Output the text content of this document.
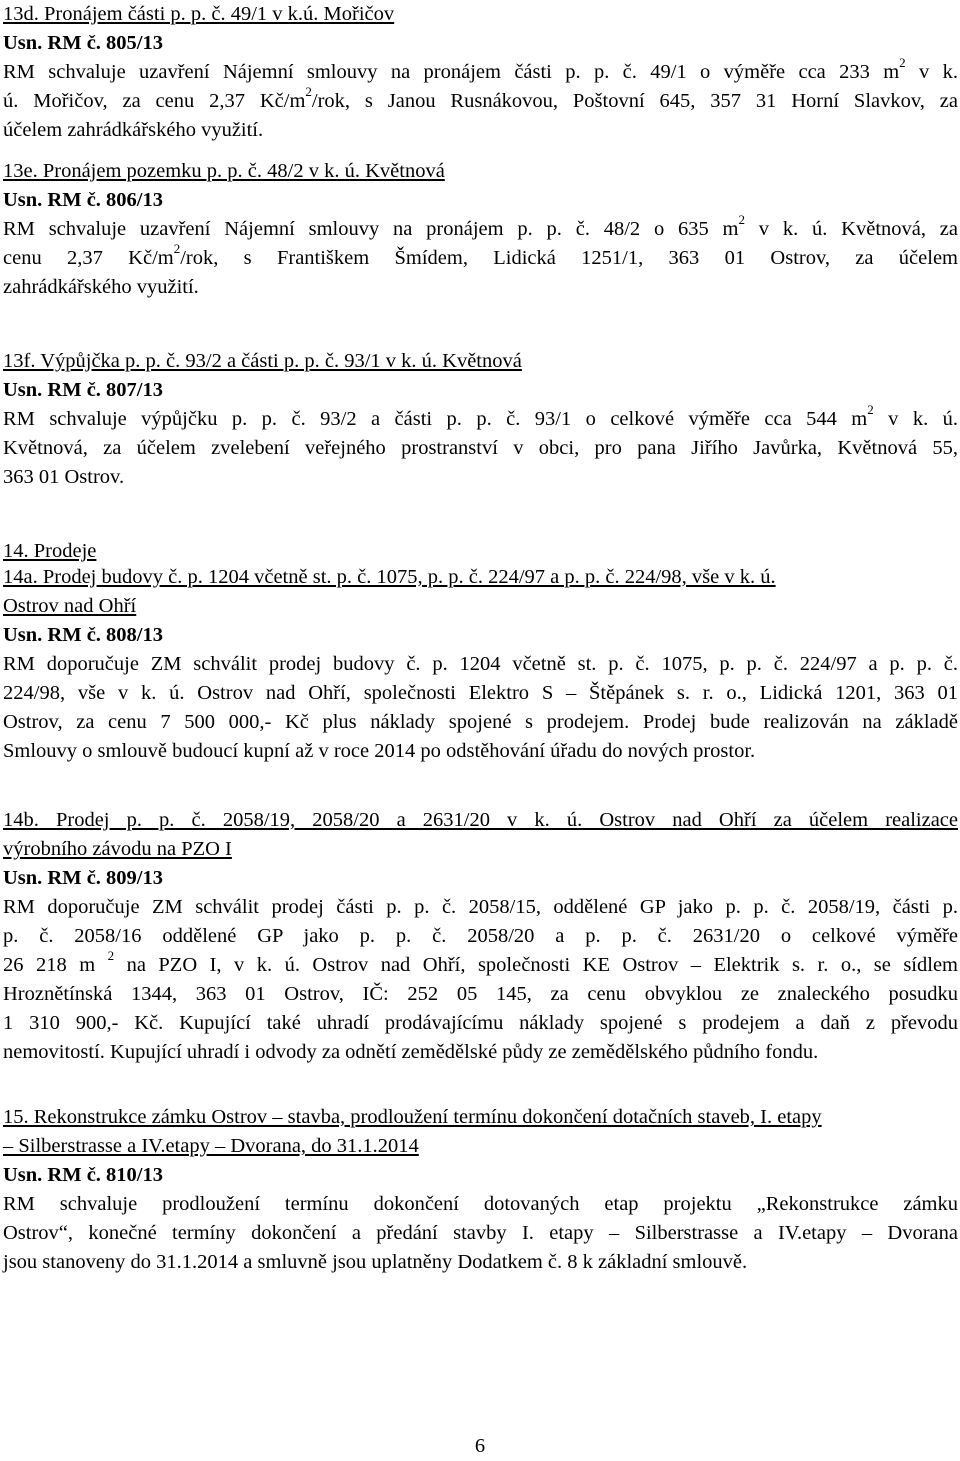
13d. Pronájem části p. p. č. 49/1 v k.ú. Mořičov
Usn. RM č. 805/13
RM schvaluje uzavření Nájemní smlouvy na pronájem části p. p. č. 49/1 o výměře cca 233 $m^2$ v k.
ú. Mořičov, za cenu 2,37 $Kč/m^2$/rok, s Janou Rusnákovou, Poštovní 645, 357 31 Horní Slavkov, za
účelem zahrádkářského využití.
13e. Pronájem pozemku p. p. č. 48/2 v k. ú. Květnová
Usn. RM č. 806/13
RM schvaluje uzavření Nájemní smlouvy na pronájem p. p. č. 48/2 o 635 $m^2$ v k. ú. Květnová, za
cenu 2,37 $Kč/m^2$/rok, s Františkem Šmídem, Lidická 1251/1, 363 01 Ostrov, za účelem
zahrádkářského využití.
13f. Výpůjčka p. p. č. 93/2 a části p. p. č. 93/1 v k. ú. Květnová
Usn. RM č. 807/13
RM schvaluje výpůjčku p. p. č. 93/2 a části p. p. č. 93/1 o celkové výměře cca 544 $m^2$ v k. ú.
Květnová, za účelem zvelebení veřejného prostranství v obci, pro pana Jiřího Javůrka, Květnová 55,
363 01 Ostrov.
14. Prodeje
14a. Prodej budovy č. p. 1204 včetně st. p. č. 1075, p. p. č. 224/97 a p. p. č. 224/98, vše v k. ú.
Ostrov nad Ohří
Usn. RM č. 808/13
RM doporučuje ZM schválit prodej budovy č. p. 1204 včetně st. p. č. 1075, p. p. č. 224/97 a p. p. č.
224/98, vše v k. ú. Ostrov nad Ohří, společnosti Elektro S – Štěpánek s. r. o., Lidická 1201, 363 01
Ostrov, za cenu 7 500 000,- Kč plus náklady spojené s prodejem. Prodej bude realizován na základě
Smlouvy o smlouvě budoucí kupní až v roce 2014 po odstěhování úřadu do nových prostor.
14b. Prodej p. p. č. 2058/19, 2058/20 a 2631/20 v k. ú. Ostrov nad Ohří za účelem realizace
výrobního závodu na PZO I
Usn. RM č. 809/13
RM doporučuje ZM schválit prodej části p. p. č. 2058/15, oddělené GP jako p. p. č. 2058/19, části p.
p. č. 2058/16 oddělené GP jako p. p. č. 2058/20 a p. p. č. 2631/20 o celkové výměře
26 218 m $^2$ na PZO I, v k. ú. Ostrov nad Ohří, společnosti KE Ostrov – Elektrik s. r. o., se sídlem
Hroznětínská 1344, 363 01 Ostrov, IČ: 252 05 145, za cenu obvyklou ze znaleckého posudku
1 310 900,- Kč. Kupující také uhradí prodávajícímu náklady spojené s prodejem a daň z převodu
nemovitostí. Kupující uhradí i odvody za odnětí zemědělské půdy ze zemědělského půdního fondu.
15. Rekonstrukce zámku Ostrov – stavba, prodloužení termínu dokončení dotačních staveb, I. etapy
– Silberstrasse a IV.etapy – Dvorana, do 31.1.2014
Usn. RM č. 810/13
RM schvaluje prodloužení termínu dokončení dotovaných etap projektu „Rekonstrukce zámku
Ostrov“, konečné termíny dokončení a předání stavby I. etapy – Silberstrasse a IV.etapy – Dvorana
jsou stanoveny do 31.1.2014 a smluvně jsou uplatněny Dodatkem č. 8 k základní smlouvě.
6
